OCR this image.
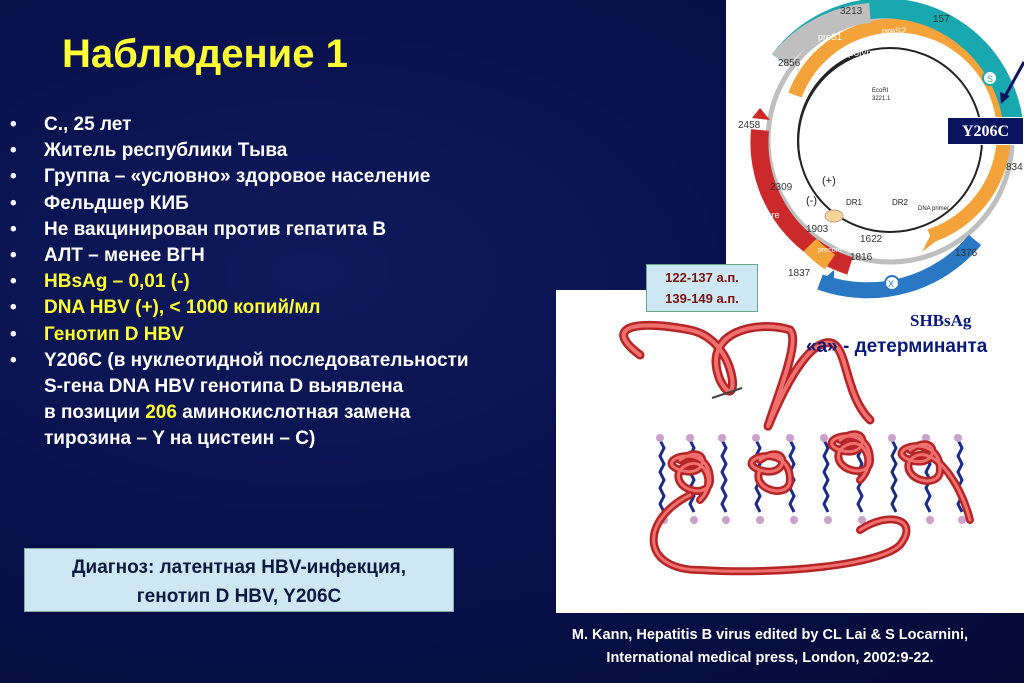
Наблюдение 1
• С., 25 лет
• Житель республики Тыва
• Группа – «условно» здоровое население
• Фельдшер КИБ
• Не вакцинирован против гепатита В
• АЛТ – менее ВГН
• HBsAg – 0,01 (-)
• DNA HBV (+), < 1000 копий/мл
• Генотип D HBV
• Y206C (в нуклеотидной последовательности
S-гена DNA HBV генотипа D выявлена
в позиции 206 аминокислотная замена
тирозина – Y на цистеин – С)
Диагноз: латентная HBV-инфекция,
генотип D HBV, Y206C
3213
157
2856
2458
834
2309
1903
1622
1816
1837
1376
preS1
preS2
polymerase
core
X
S
(+)
(-)	DR1	DR2
EcoRI
3221.1
DNA primer
precore
Y206C
122-137 а.п.
139-149 а.п.
SHBsAg
«а» - детерминанта
M. Kann, Hepatitis B virus edited by CL Lai & S Locarnini,
International medical press, London, 2002:9-22.
